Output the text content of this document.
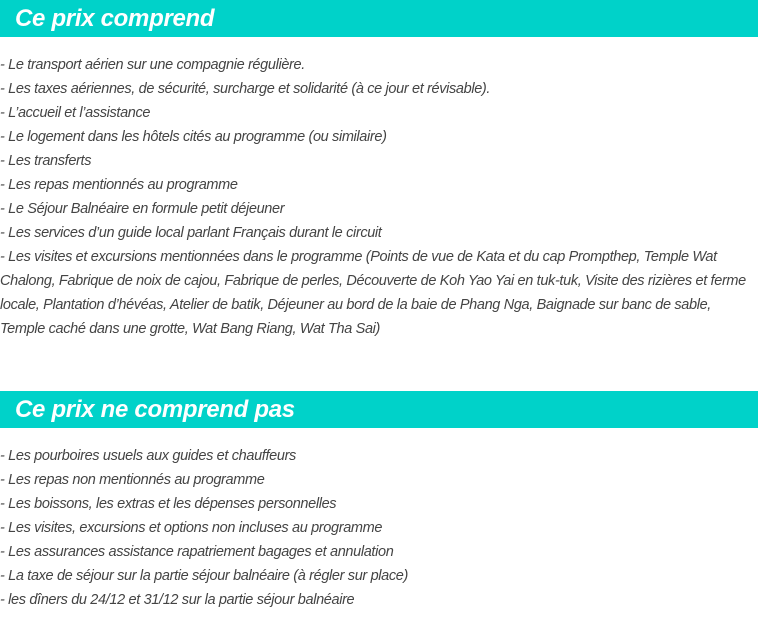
Ce prix comprend
- Le transport aérien sur une compagnie régulière.
- Les taxes aériennes, de sécurité, surcharge et solidarité (à ce jour et révisable).
- L’accueil et l’assistance
- Le logement dans les hôtels cités au programme (ou similaire)
- Les transferts
- Les repas mentionnés au programme
- Le Séjour Balnéaire en formule petit déjeuner
- Les services d’un guide local parlant Français durant le circuit
- Les visites et excursions mentionnées dans le programme (Points de vue de Kata et du cap Prompthep, Temple Wat Chalong, Fabrique de noix de cajou, Fabrique de perles, Découverte de Koh Yao Yai en tuk-tuk, Visite des rizières et ferme locale, Plantation d’hévéas, Atelier de batik, Déjeuner au bord de la baie de Phang Nga, Baignade sur banc de sable, Temple caché dans une grotte, Wat Bang Riang, Wat Tha Sai)
Ce prix ne comprend pas
- Les pourboires usuels aux guides et chauffeurs
- Les repas non mentionnés au programme
- Les boissons, les extras et les dépenses personnelles
- Les visites, excursions et options non incluses au programme
- Les assurances assistance rapatriement bagages et annulation
- La taxe de séjour sur la partie séjour balnéaire (à régler sur place)
- les dîners du 24/12 et 31/12 sur la partie séjour balnéaire
